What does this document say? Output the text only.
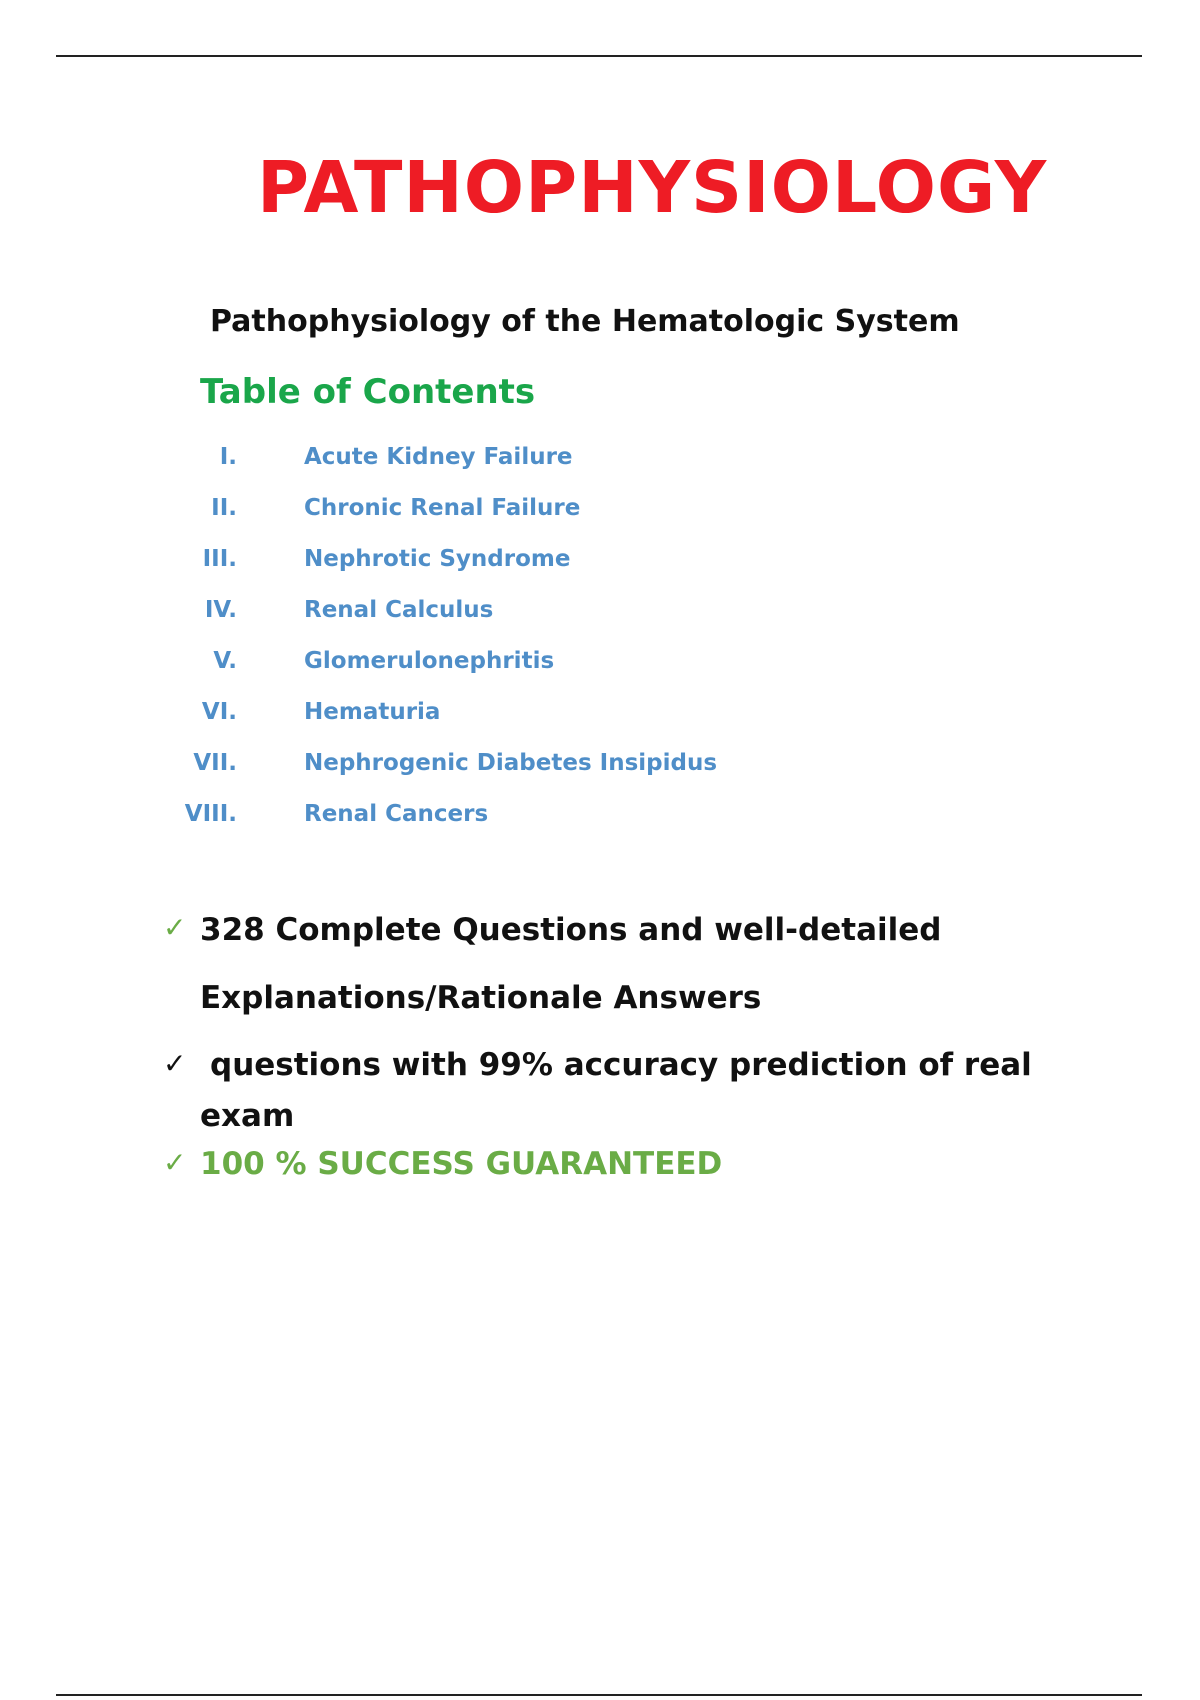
PATHOPHYSIOLOGY
Pathophysiology of the Hematologic System
Table of Contents
I.	Acute Kidney Failure
II.	Chronic Renal Failure
III.	Nephrotic Syndrome
IV.	Renal Calculus
V.	Glomerulonephritis
VI.	Hematuria
VII.	Nephrogenic Diabetes Insipidus
VIII.	Renal Cancers
✓ 328 Complete Questions and well-detailed
Explanations/Rationale Answers
✓ questions with 99% accuracy prediction of real
exam
✓ 100 % SUCCESS GUARANTEED
